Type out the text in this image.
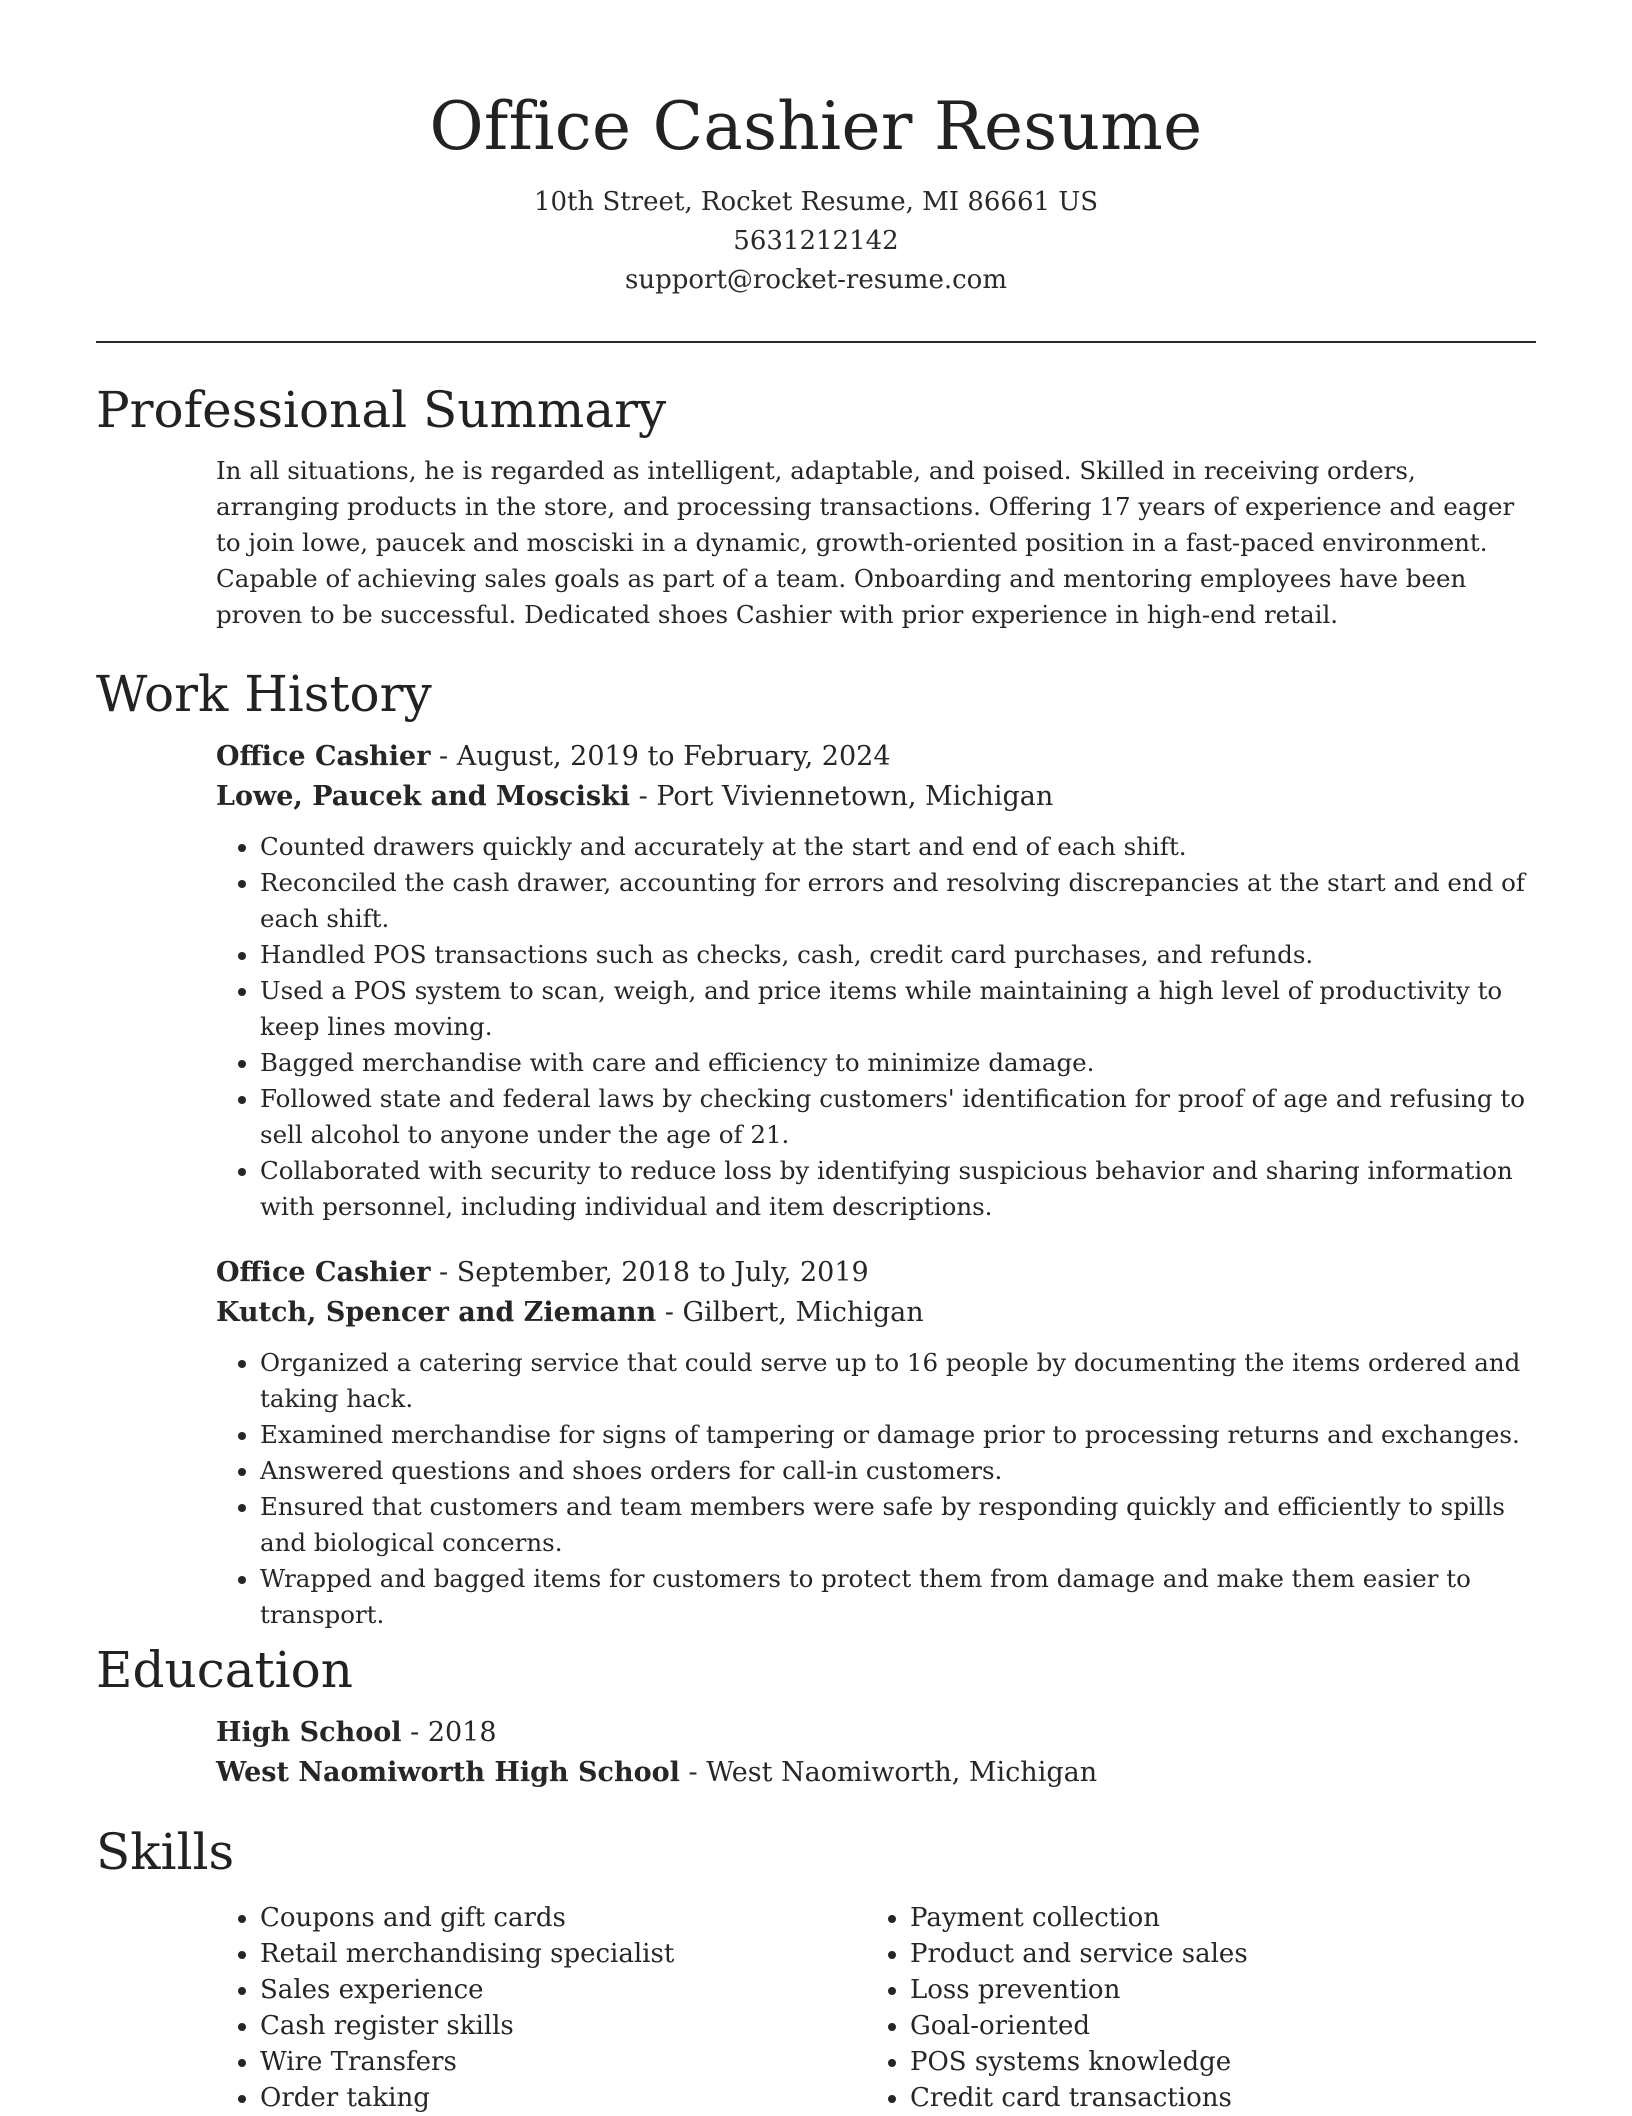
Office Cashier Resume
10th Street, Rocket Resume, MI 86661 US
5631212142
support@rocket-resume.com
Professional Summary

In all situations, he is regarded as intelligent, adaptable, and poised. Skilled in receiving orders, arranging products in the store, and processing transactions. Offering 17 years of experience and eager to join lowe, paucek and mosciski in a dynamic, growth-oriented position in a fast-paced environment. Capable of achieving sales goals as part of a team. Onboarding and mentoring employees have been proven to be successful. Dedicated shoes Cashier with prior experience in high-end retail.

Work History
Office Cashier - August, 2019 to February, 2024
Lowe, Paucek and Mosciski - Port Viviennetown, Michigan
• Counted drawers quickly and accurately at the start and end of each shift.
• Reconciled the cash drawer, accounting for errors and resolving discrepancies at the start and end of each shift.
• Handled POS transactions such as checks, cash, credit card purchases, and refunds.
• Used a POS system to scan, weigh, and price items while maintaining a high level of productivity to keep lines moving.
• Bagged merchandise with care and efficiency to minimize damage.
• Followed state and federal laws by checking customers' identification for proof of age and refusing to sell alcohol to anyone under the age of 21.
• Collaborated with security to reduce loss by identifying suspicious behavior and sharing information with personnel, including individual and item descriptions.
Office Cashier - September, 2018 to July, 2019
Kutch, Spencer and Ziemann - Gilbert, Michigan
• Organized a catering service that could serve up to 16 people by documenting the items ordered and taking hack.
• Examined merchandise for signs of tampering or damage prior to processing returns and exchanges.
• Answered questions and shoes orders for call-in customers.
• Ensured that customers and team members were safe by responding quickly and efficiently to spills and biological concerns.
• Wrapped and bagged items for customers to protect them from damage and make them easier to transport.
Education
High School - 2018
West Naomiworth High School - West Naomiworth, Michigan
Skills
• Coupons and gift cards
• Retail merchandising specialist
• Sales experience
• Cash register skills
• Wire Transfers
• Order taking
• Payment collection
• Product and service sales
• Loss prevention
• Goal-oriented
• POS systems knowledge
• Credit card transactions
